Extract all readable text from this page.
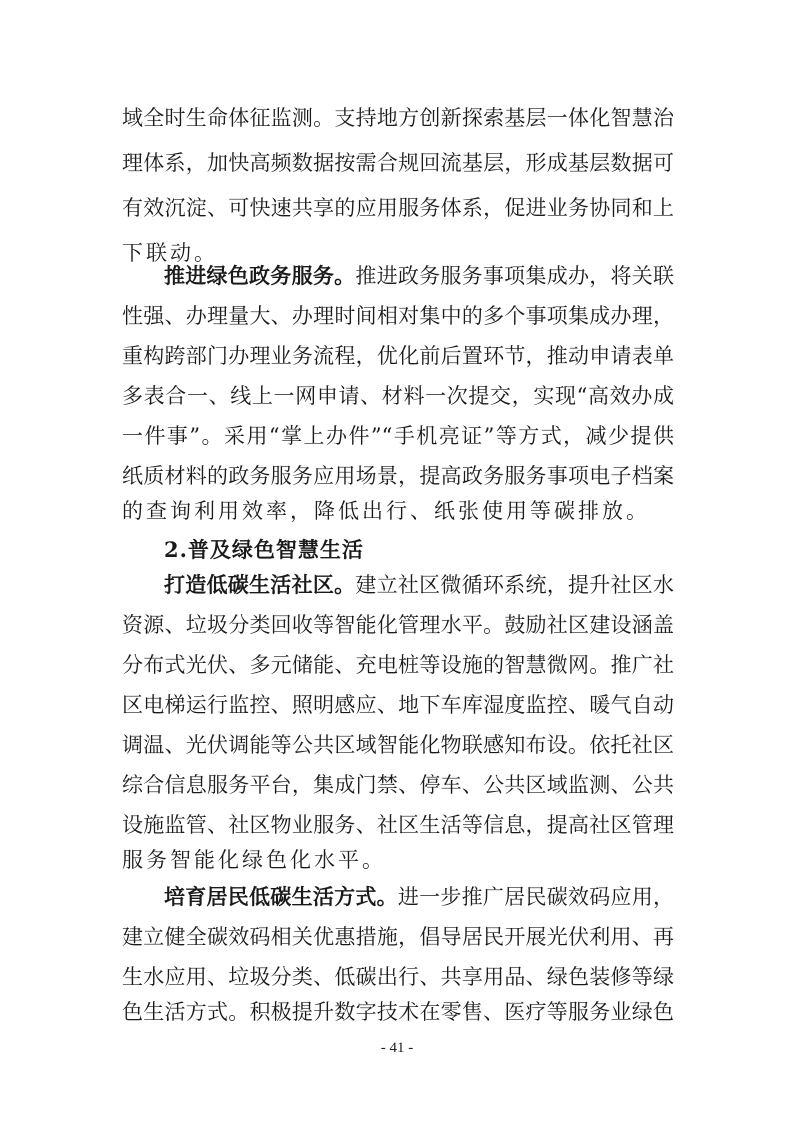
域全时生命体征监测。支持地方创新探索基层一体化智慧治
理体系，加快高频数据按需合规回流基层，形成基层数据可
有效沉淀、可快速共享的应用服务体系，促进业务协同和上
下联动。
推进绿色政务服务。推进政务服务事项集成办，将关联
性强、办理量大、办理时间相对集中的多个事项集成办理，
重构跨部门办理业务流程，优化前后置环节，推动申请表单
多表合一、线上一网申请、材料一次提交，实现“高效办成
一件事”。采用“掌上办件”“手机亮证”等方式，减少提供
纸质材料的政务服务应用场景，提高政务服务事项电子档案
的查询利用效率，降低出行、纸张使用等碳排放。
2.普及绿色智慧生活
打造低碳生活社区。建立社区微循环系统，提升社区水
资源、垃圾分类回收等智能化管理水平。鼓励社区建设涵盖
分布式光伏、多元储能、充电桩等设施的智慧微网。推广社
区电梯运行监控、照明感应、地下车库湿度监控、暖气自动
调温、光伏调能等公共区域智能化物联感知布设。依托社区
综合信息服务平台，集成门禁、停车、公共区域监测、公共
设施监管、社区物业服务、社区生活等信息，提高社区管理
服务智能化绿色化水平。
培育居民低碳生活方式。进一步推广居民碳效码应用，
建立健全碳效码相关优惠措施，倡导居民开展光伏利用、再
生水应用、垃圾分类、低碳出行、共享用品、绿色装修等绿
色生活方式。积极提升数字技术在零售、医疗等服务业绿色
- 41 -
